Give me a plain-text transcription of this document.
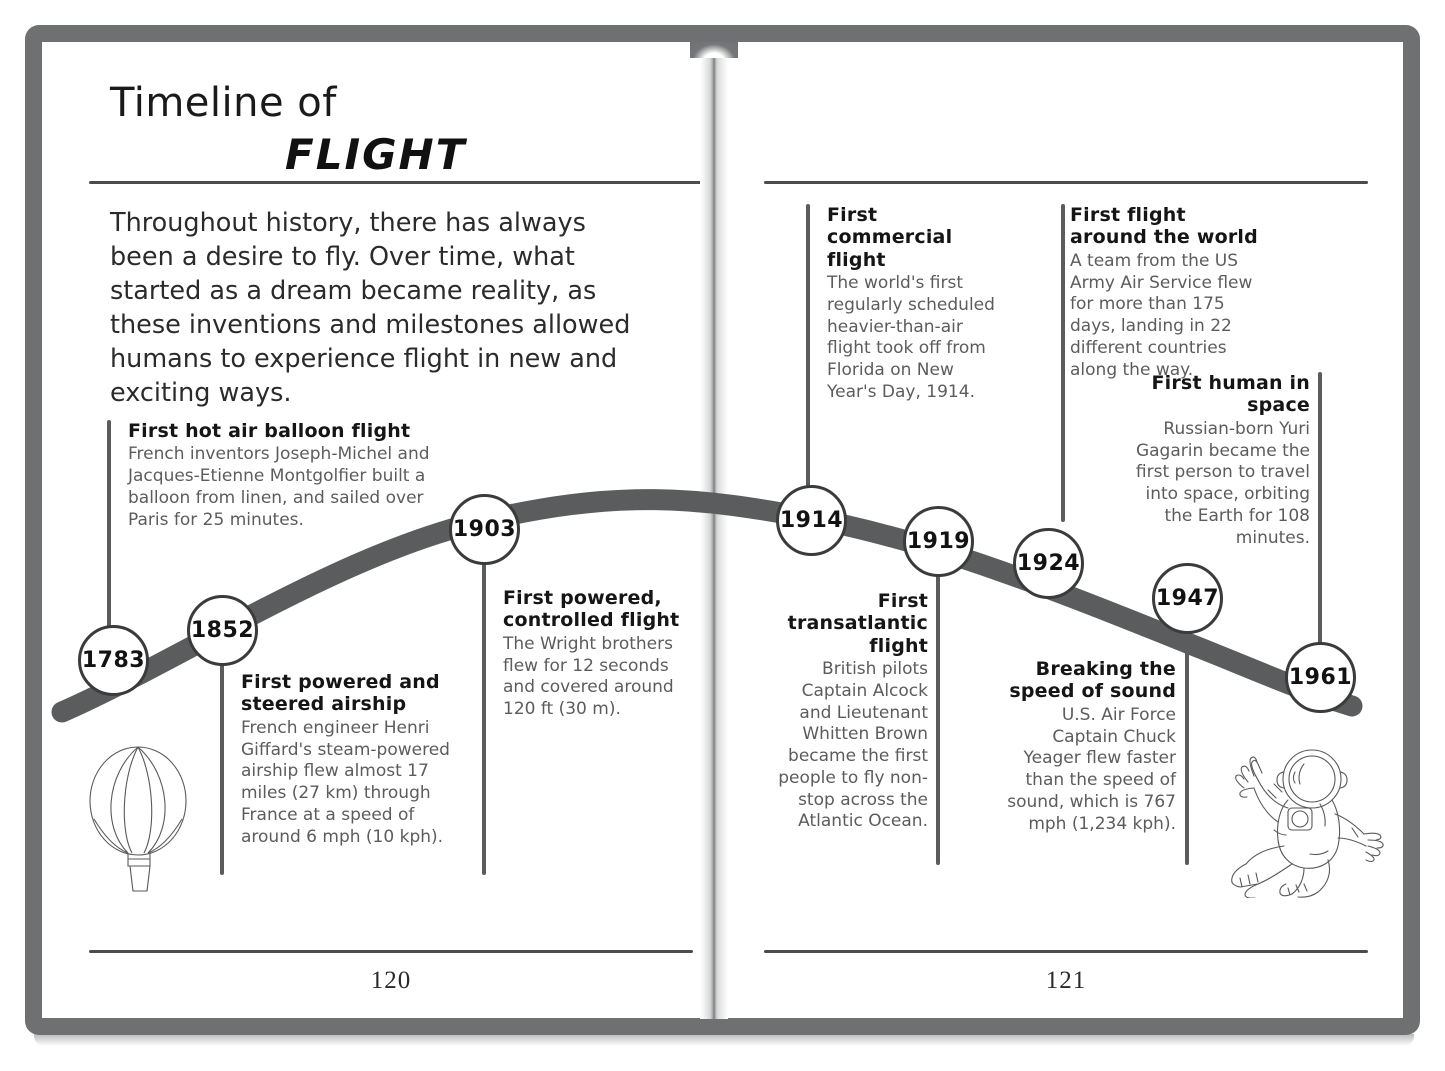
Timeline of
FLIGHT
Throughout history, there has always been a desire to fly. Over time, what started as a dream became reality, as these inventions and milestones allowed humans to experience flight in new and exciting ways.
120	121
First hot air balloon flight
French inventors Joseph-Michel and Jacques-Etienne Montgolfier built a balloon from linen, and sailed over Paris for 25 minutes.
1783
First powered and steered airship
French engineer Henri Giffard's steam-powered airship flew almost 17 miles (27 km) through France at a speed of around 6 mph (10 kph).
1852
First powered, controlled flight
The Wright brothers flew for 12 seconds and covered around 120 ft (30 m).
1903
First commercial flight
The world's first regularly scheduled heavier-than-air flight took off from Florida on New Year's Day, 1914.
1914
First transatlantic flight
British pilots Captain Alcock and Lieutenant Whitten Brown became the first people to fly non-stop across the Atlantic Ocean.
1919
First flight around the world
A team from the US Army Air Service flew for more than 175 days, landing in 22 different countries along the way.
1924
Breaking the speed of sound
U.S. Air Force Captain Chuck Yeager flew faster than the speed of sound, which is 767 mph (1,234 kph).
1947
First human in space
Russian-born Yuri Gagarin became the first person to travel into space, orbiting the Earth for 108 minutes.
1961
